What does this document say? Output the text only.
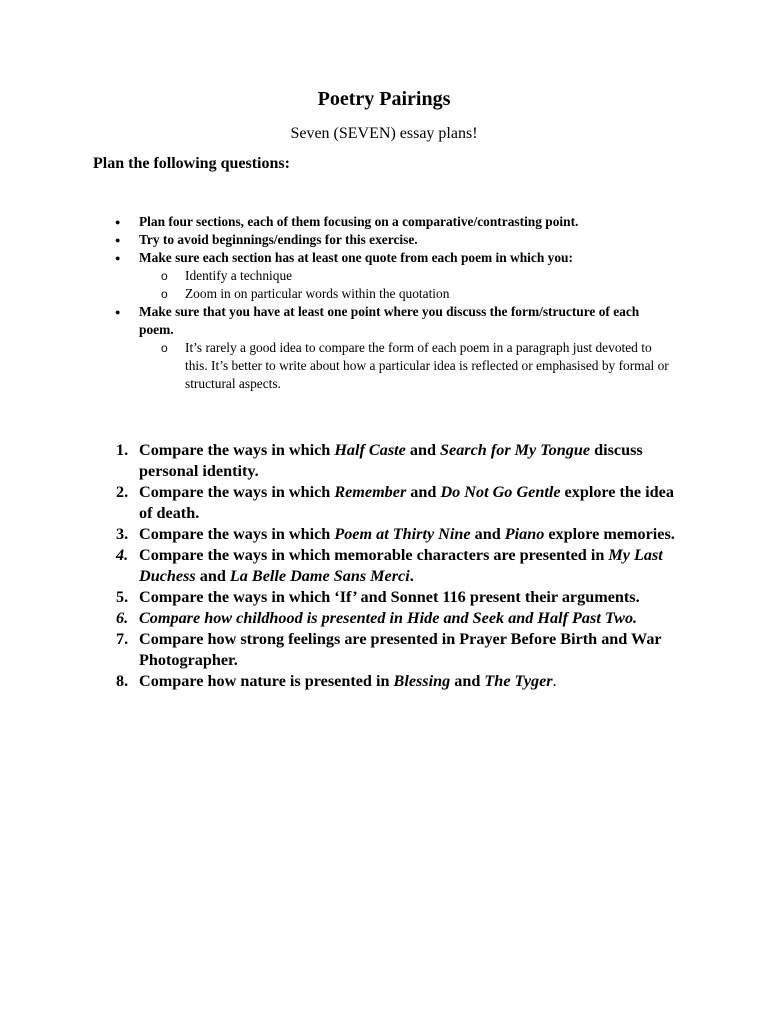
Poetry Pairings

Seven (SEVEN) essay plans!

Plan the following questions:

● Plan four sections, each of them focusing on a comparative/contrasting point.
● Try to avoid beginnings/endings for this exercise.
● Make sure each section has at least one quote from each poem in which you:
o Identify a technique
o Zoom in on particular words within the quotation
● Make sure that you have at least one point where you discuss the form/structure of each poem.
o It’s rarely a good idea to compare the form of each poem in a paragraph just devoted to this. It’s better to write about how a particular idea is reflected or emphasised by formal or structural aspects.
1. Compare the ways in which Half Caste and Search for My Tongue discuss personal identity.
2. Compare the ways in which Remember and Do Not Go Gentle explore the idea of death.
3. Compare the ways in which Poem at Thirty Nine and Piano explore memories.
4. Compare the ways in which memorable characters are presented in My Last Duchess and La Belle Dame Sans Merci.
5. Compare the ways in which ‘If’ and Sonnet 116 present their arguments.
6. Compare how childhood is presented in Hide and Seek and Half Past Two.
7. Compare how strong feelings are presented in Prayer Before Birth and War Photographer.
8. Compare how nature is presented in Blessing and The Tyger.
